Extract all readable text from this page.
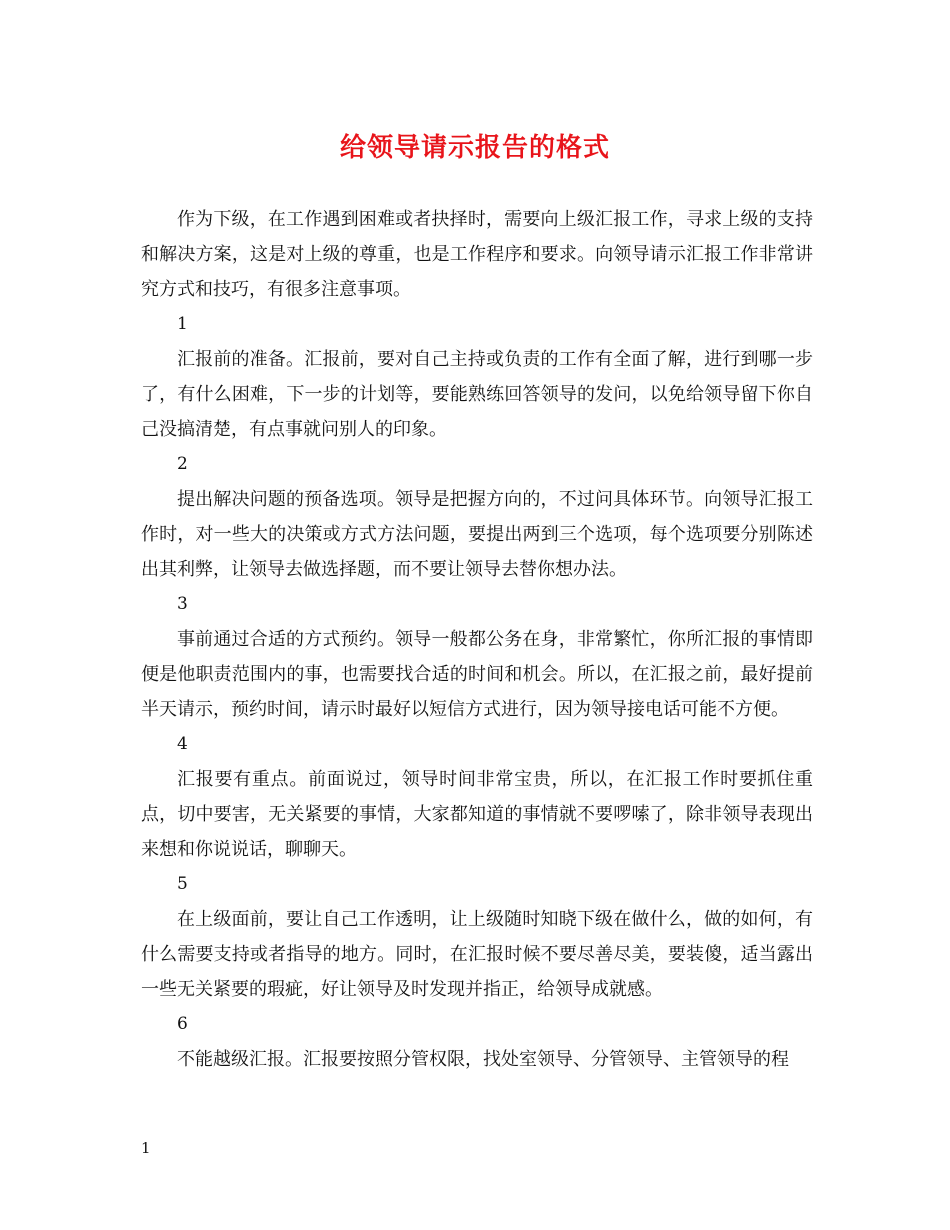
给领导请示报告的格式

作为下级，在工作遇到困难或者抉择时，需要向上级汇报工作，寻求上级的支持和解决方案，这是对上级的尊重，也是工作程序和要求。向领导请示汇报工作非常讲究方式和技巧，有很多注意事项。

1

汇报前的准备。汇报前，要对自己主持或负责的工作有全面了解，进行到哪一步了，有什么困难，下一步的计划等，要能熟练回答领导的发问，以免给领导留下你自己没搞清楚，有点事就问别人的印象。

2

提出解决问题的预备选项。领导是把握方向的，不过问具体环节。向领导汇报工作时，对一些大的决策或方式方法问题，要提出两到三个选项，每个选项要分别陈述出其利弊，让领导去做选择题，而不要让领导去替你想办法。

3

事前通过合适的方式预约。领导一般都公务在身，非常繁忙，你所汇报的事情即便是他职责范围内的事，也需要找合适的时间和机会。所以，在汇报之前，最好提前半天请示，预约时间，请示时最好以短信方式进行，因为领导接电话可能不方便。

4

汇报要有重点。前面说过，领导时间非常宝贵，所以，在汇报工作时要抓住重点，切中要害，无关紧要的事情，大家都知道的事情就不要啰嗦了，除非领导表现出来想和你说说话，聊聊天。

5

在上级面前，要让自己工作透明，让上级随时知晓下级在做什么，做的如何，有什么需要支持或者指导的地方。同时，在汇报时候不要尽善尽美，要装傻，适当露出一些无关紧要的瑕疵，好让领导及时发现并指正，给领导成就感。

6

不能越级汇报。汇报要按照分管权限，找处室领导、分管领导、主管领导的程

1
